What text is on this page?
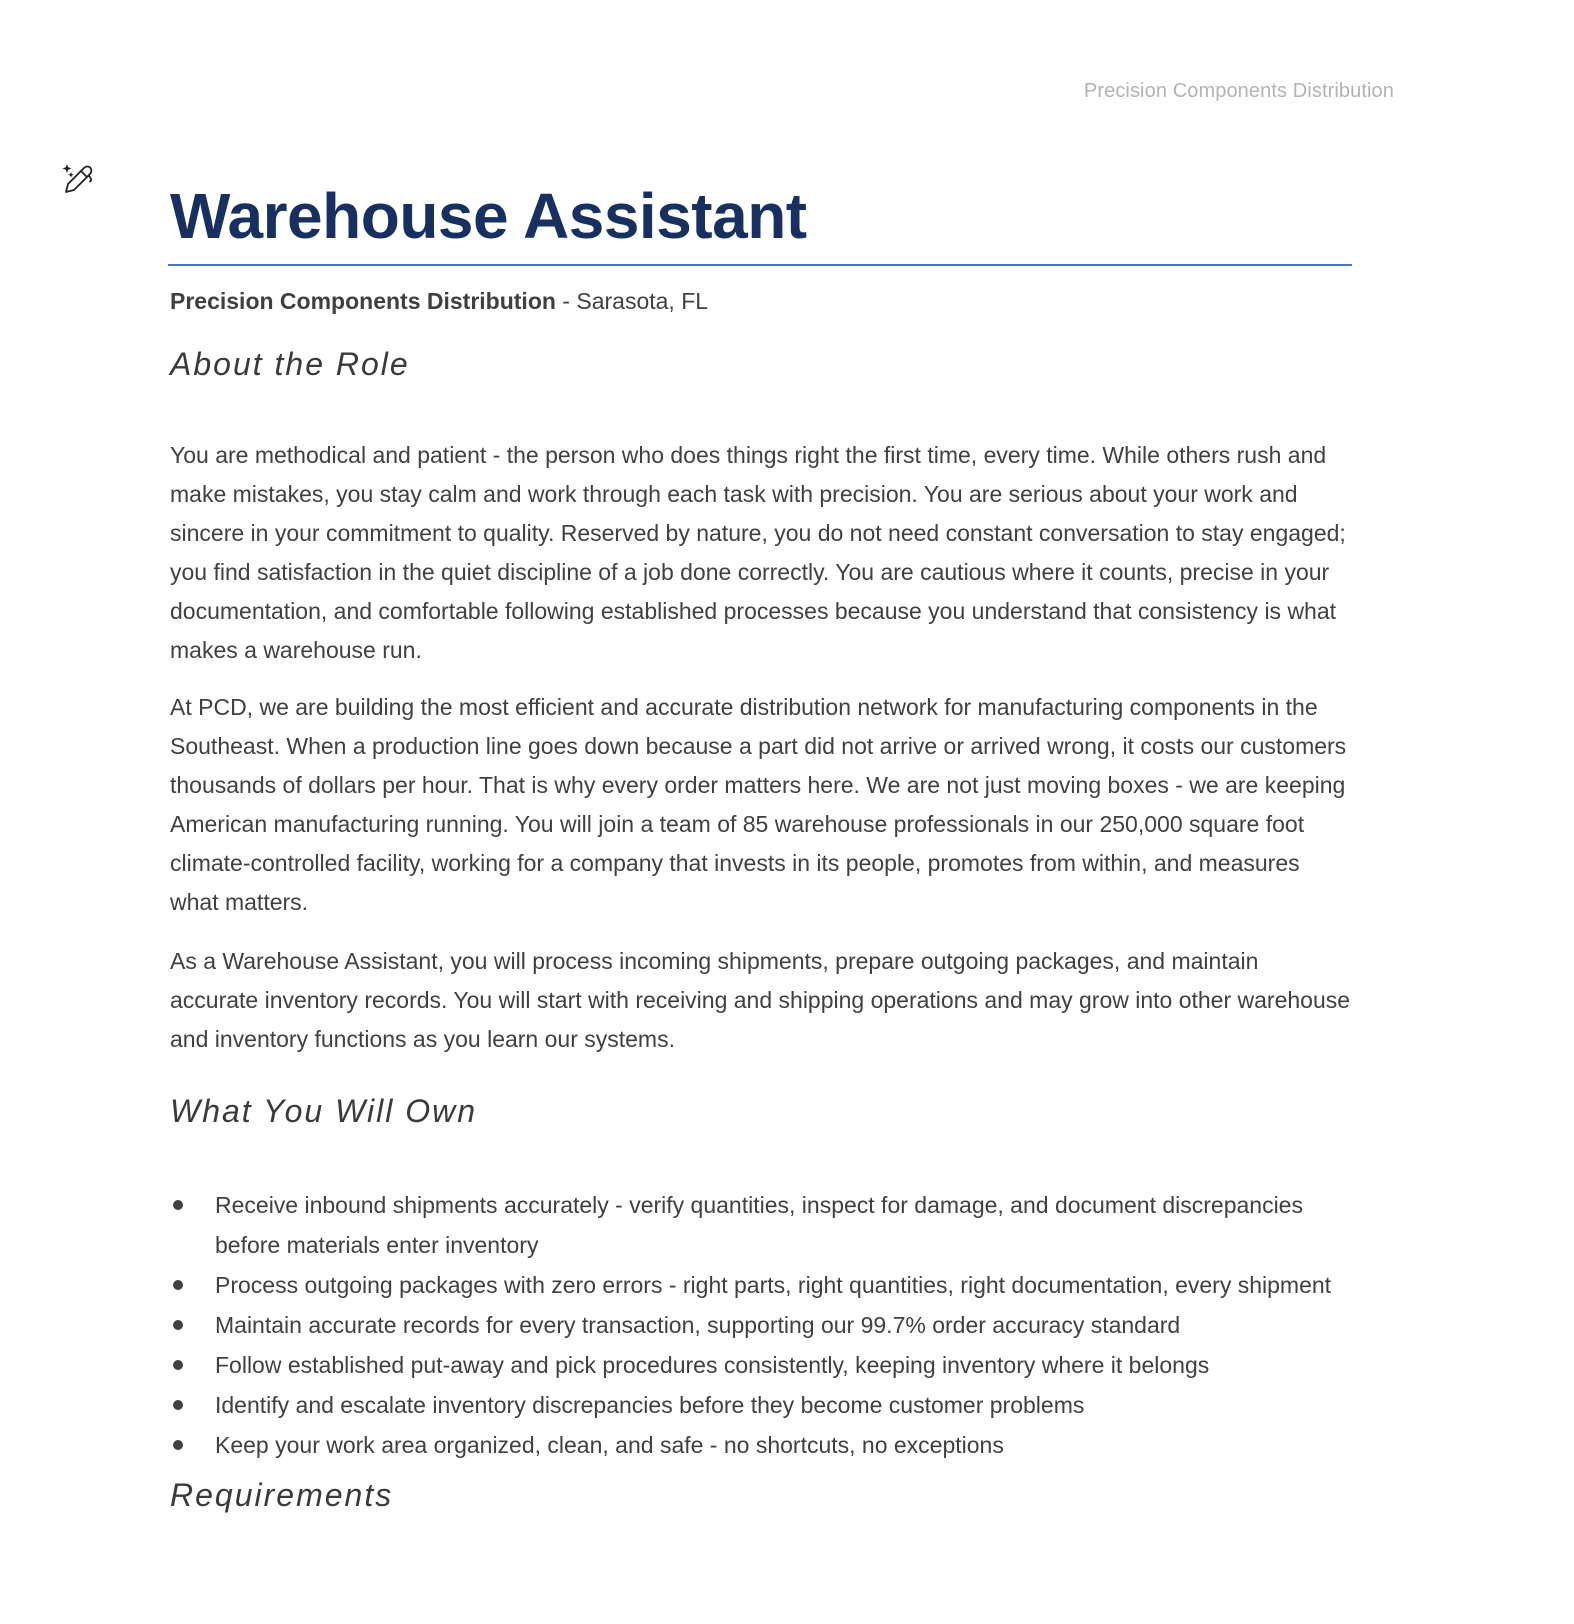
Precision Components Distribution
Warehouse Assistant
Precision Components Distribution - Sarasota, FL
About the Role

You are methodical and patient - the person who does things right the first time, every time. While others rush and make mistakes, you stay calm and work through each task with precision. You are serious about your work and sincere in your commitment to quality. Reserved by nature, you do not need constant conversation to stay engaged; you find satisfaction in the quiet discipline of a job done correctly. You are cautious where it counts, precise in your documentation, and comfortable following established processes because you understand that consistency is what makes a warehouse run.

At PCD, we are building the most efficient and accurate distribution network for manufacturing components in the Southeast. When a production line goes down because a part did not arrive or arrived wrong, it costs our customers thousands of dollars per hour. That is why every order matters here. We are not just moving boxes - we are keeping American manufacturing running. You will join a team of 85 warehouse professionals in our 250,000 square foot climate-controlled facility, working for a company that invests in its people, promotes from within, and measures what matters.

As a Warehouse Assistant, you will process incoming shipments, prepare outgoing packages, and maintain accurate inventory records. You will start with receiving and shipping operations and may grow into other warehouse and inventory functions as you learn our systems.

What You Will Own
Receive inbound shipments accurately - verify quantities, inspect for damage, and document discrepancies before materials enter inventory
Process outgoing packages with zero errors - right parts, right quantities, right documentation, every shipment
Maintain accurate records for every transaction, supporting our 99.7% order accuracy standard
Follow established put-away and pick procedures consistently, keeping inventory where it belongs
Identify and escalate inventory discrepancies before they become customer problems
Keep your work area organized, clean, and safe - no shortcuts, no exceptions
Requirements
